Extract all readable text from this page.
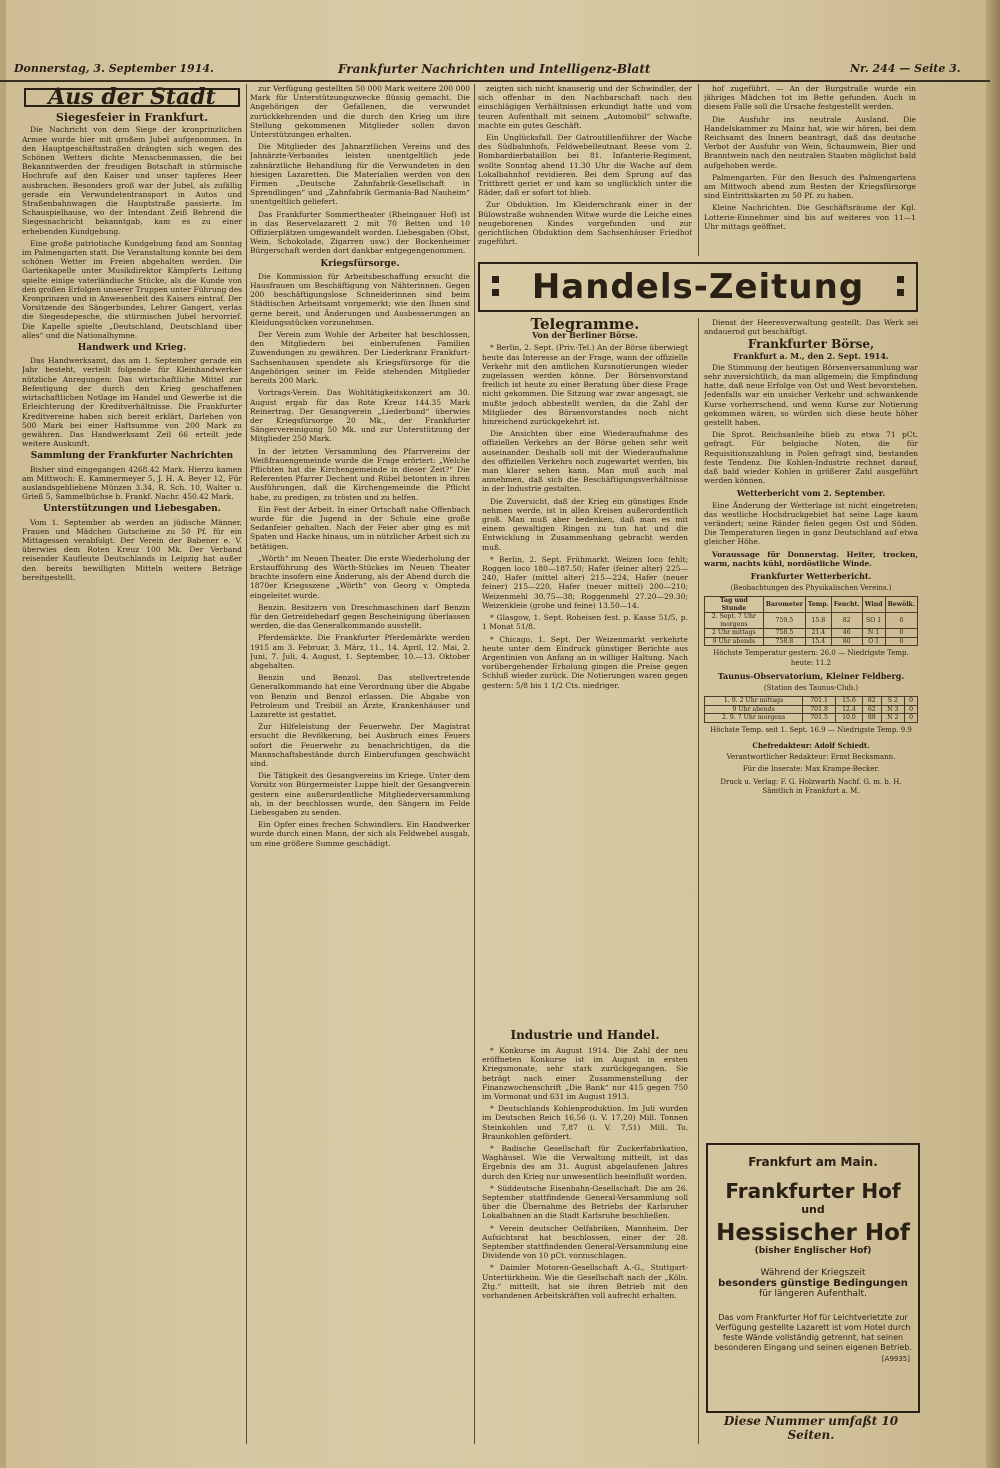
Donnerstag, 3. September 1914.	Frankfurter Nachrichten und Intelligenz-Blatt	Nr. 244 — Seite 3.
Aus der Stadt
Siegesfeier in Frankfurt.

Die Nachricht von dem Siege der kronprinzlichen Armee wurde hier mit großem Jubel aufgenommen. In den Hauptgeschäftsstraßen drängten sich wegen des Schönen Wetters dichte Menschenmassen, die bei Bekanntwerden der freudigen Botschaft in stürmische Hochrufe auf den Kaiser und unser tapferes Heer ausbrachen. Besonders groß war der Jubel, als zufällig gerade ein Verwundetentransport in Autos und Straßenbahnwagen die Hauptstraße passierte. Im Schauspielhause, wo der Intendant Zeiß Behrend die Siegesnachricht bekanntgab, kam es zu einer erhebenden Kundgebung.

Eine große patriotische Kundgebung fand am Sonntag im Palmengarten statt. Die Veranstaltung konnte bei dem schönen Wetter im Freien abgehalten werden. Die Gartenkapelle unter Musikdirektor Kämpferts Leitung spielte einige vaterländische Stücke, als die Kunde von den großen Erfolgen unserer Truppen unter Führung des Kronprinzen und in Anwesenheit des Kaisers eintraf. Der Vorsitzende des Sängerbundes, Lehrer Gangert, verlas die Siegesdepesche, die stürmischen Jubel hervorrief. Die Kapelle spielte „Deutschland, Deutschland über alles“ und die Nationalhymne.

Handwerk und Krieg.

Das Handwerksamt, das am 1. September gerade ein Jahr besteht, verteilt folgende für Kleinhandwerker nützliche Anregungen: Das wirtschaftliche Mittel zur Befestigung der durch den Krieg geschaffenen wirtschaftlichen Notlage im Handel und Gewerbe ist die Erleichterung der Kreditverhältnisse. Die Frankfurter Kreditvereine haben sich bereit erklärt, Darlehen von 500 Mark bei einer Haftsumme von 200 Mark zu gewähren. Das Handwerksamt Zeil 66 erteilt jede weitere Auskunft.

Sammlung der Frankfurter Nachrichten

Bisher sind eingegangen 4268.42 Mark. Hierzu kamen am Mittwoch: E. Kammermeyer 5, J. H. A. Beyer 12, Für auslandsgebliebene Münzen 3.34, R. Sch. 10, Walter u. Grieß 5, Sammelbüchse b. Frankf. Nachr. 450.42 Mark.

Unterstützungen und Liebesgaben.

Vom 1. September ab werden an jüdische Männer, Frauen und Mädchen Gutscheine zu 50 Pf. für ein Mittagessen verabfolgt. Der Verein der Babener e. V. überwies dem Roten Kreuz 100 Mk. Der Verband reisender Kaufleute Deutschlands in Leipzig hat außer den bereits bewilligten Mitteln weitere Beträge bereitgestellt.

zur Verfügung gestellten 50 000 Mark weitere 200 000 Mark für Unterstützungszwecke flüssig gemacht. Die Angehörigen der Gefallenen, die verwundet zurückkehrenden und die durch den Krieg um ihre Stellung gekommenen Mitglieder sollen davon Unterstützungen erhalten.

Die Mitglieder des Jahnarztlichen Vereins und des Jahnärzte-Verbandes leisten unentgeltlich jede zahnärztliche Behandlung für die Verwundeten in den hiesigen Lazaretten. Die Materialien werden von den Firmen „Deutsche Zahnfabrik-Gesellschaft in Sprendlingen“ und „Zahnfabrik Germania-Bad Nauheim“ unentgeltlich geliefert.

Das Frankfurter Sommertheater (Rheingauer Hof) ist in das Reservelazarett 2 mit 70 Betten und 10 Offizierplätzen umgewandelt worden. Liebesgaben (Obst, Wein, Schokolade, Zigarren usw.) der Bockenheimer Bürgerschaft werden dort dankbar entgegengenommen.

Kriegsfürsorge.

Die Kommission für Arbeitsbeschaffung ersucht die Hausfrauen um Beschäftigung von Nähterinnen. Gegen 200 beschäftigungslose Schneiderinnen sind beim Städtischen Arbeitsamt vorgemerkt; wie den Ihnen sind gerne bereit, und Änderungen und Ausbesserungen an Kleidungsstücken vorzunehmen.

Der Verein zum Wohle der Arbeiter hat beschlossen, den Mitgliedern bei einberufenen Familien Zuwendungen zu gewähren. Der Liederkranz Frankfurt-Sachsenhausen spendete als Kriegsfürsorge für die Angehörigen seiner im Felde stehenden Mitglieder bereits 200 Mark.

Vortrags-Verein. Das Wohltätigkeitskonzert am 30. August ergab für das Rote Kreuz 144.35 Mark Reinertrag. Der Gesangverein „Liederbund“ überwies der Kriegsfürsorge 20 Mk., der Frankfurter Sängervereinigung 50 Mk. und zur Unterstützung der Mitglieder 250 Mark.

In der letzten Versammlung des Pfarrvereins der Weißfrauengemeinde wurde die Frage erörtert: „Welche Pflichten hat die Kirchengemeinde in dieser Zeit?“ Die Referenten Pfarrer Dechent und Rübel betonten in ihren Ausführungen, daß die Kirchengemeinde die Pflicht habe, zu predigen, zu trösten und zu helfen.

Ein Fest der Arbeit. In einer Ortschaft nahe Offenbach wurde für die Jugend in der Schule eine große Sedanfeier gehalten. Nach der Feier aber ging es mit Spaten und Hacke hinaus, um in nützlicher Arbeit sich zu betätigen.

„Wörth“ im Neuen Theater. Die erste Wiederholung der Erstaufführung des Wörth-Stückes im Neuen Theater brachte insofern eine Änderung, als der Abend durch die 1870er Kriegsszene „Wörth“ von Georg v. Ompteda eingeleitet wurde.

Benzin. Besitzern von Dreschmaschinen darf Benzin für den Getreidebedarf gegen Bescheinigung überlassen werden, die das Generalkommando ausstellt.

Pferdemärkte. Die Frankfurter Pferdemärkte werden 1915 am 3. Februar, 3. März, 11., 14. April, 12. Mai, 2. Juni, 7. Juli, 4. August, 1. September, 10.—13. Oktober abgehalten.

Benzin und Benzol. Das stellvertretende Generalkommando hat eine Verordnung über die Abgabe von Benzin und Benzol erlassen. Die Abgabe von Petroleum und Treiböl an Ärzte, Krankenhäuser und Lazarette ist gestattet.

Zur Hilfeleistung der Feuerwehr. Der Magistrat ersucht die Bevölkerung, bei Ausbruch eines Feuers sofort die Feuerwehr zu benachrichtigen, da die Mannschaftsbestände durch Einberufungen geschwächt sind.

Die Tätigkeit des Gesangvereins im Kriege. Unter dem Vorsitz von Bürgermeister Luppe hielt der Gesangverein gestern eine außerordentliche Mitgliederversammlung ab, in der beschlossen wurde, den Sängern im Felde Liebesgaben zu senden.

Ein Opfer eines frechen Schwindlers. Ein Handwerker wurde durch einen Mann, der sich als Feldwebel ausgab, um eine größere Summe geschädigt.

zeigten sich nicht knauserig und der Schwindler, der sich offenbar in den Nachbarschaft nach den einschlägigen Verhältnissen erkundigt hatte und vom teuren Aufenthalt mit seinem „Automobil“ schwafte, machte ein gutes Geschäft.

Ein Unglücksfall. Der Gatroutillenführer der Wache des Südbahnhofs, Feldwebelleutnant Reese vom 2. Bombardierbataillon bei 81. Infanterie-Regiment, wollte Sonntag abend 11.30 Uhr die Wache auf dem Lokalbahnhof revidieren. Bei dem Sprung auf das Trittbrett geriet er und kam so unglücklich unter die Räder, daß er sofort tot blieb.

Zur Obduktion. Im Kleiderschrank einer in der Bülowstraße wohnenden Witwe wurde die Leiche eines neugeborenen Kindes vorgefunden und zur gerichtlichen Obduktion dem Sachsenhäuser Friedhof zugeführt.

hof zugeführt. — An der Burgstraße wurde ein jähriges Mädchen tot im Bette gefunden. Auch in diesem Falle soll die Ursache festgestellt werden.

Die Ausfuhr ins neutrale Ausland. Die Handelskammer zu Mainz hat, wie wir hören, bei dem Reichsamt des Innern beantragt, daß das deutsche Verbot der Ausfuhr von Wein, Schaumwein, Bier und Branntwein nach den neutralen Staaten möglichst bald aufgehoben werde.

Palmengarten. Für den Besuch des Palmengartens am Mittwoch abend zum Besten der Kriegsfürsorge sind Eintrittskarten zu 50 Pf. zu haben.

Kleine Nachrichten. Die Geschäftsräume der Kgl. Lotterie-Einnehmer sind bis auf weiteres von 11—1 Uhr mittags geöffnet.

Handels-Zeitung
Telegramme.
Von der Berliner Börse.

* Berlin, 2. Sept. (Priv.-Tel.) An der Börse überwiegt heute das Interesse an der Frage, wann der offizielle Verkehr mit den amtlichen Kursnotierungen wieder zugelassen werden könne. Der Börsenvorstand freilich ist heute zu einer Beratung über diese Frage nicht gekommen. Die Sitzung war zwar angesagt, sie mußte jedoch abbestellt werden, da die Zahl der Mitglieder des Börsenvorstandes noch nicht hinreichend zurückgekehrt ist.

Die Ansichten über eine Wiederaufnahme des offiziellen Verkehrs an der Börse gehen sehr weit auseinander. Deshalb soll mit der Wiederaufnahme des offiziellen Verkehrs noch zugewartet werden, bis man klarer sehen kann. Man muß auch mal annehmen, daß sich die Beschäftigungsverhältnisse in der Industrie gestalten.

Die Zuversicht, daß der Krieg ein günstiges Ende nehmen werde, ist in allen Kreisen außerordentlich groß. Man muß aber bedenken, daß man es mit einem gewaltigen Ringen zu tun hat und die Entwicklung in Zusammenhang gebracht werden muß.

* Berlin, 2. Sept. Frühmarkt. Weizen loco fehlt; Roggen loco 180—187.50; Hafer (feiner alter) 225—240, Hafer (mittel alter) 215—224, Hafer (neuer feiner) 215—220, Hafer (neuer mittel) 200—210; Weizenmehl 30.75—38; Roggenmehl 27.20—29.30; Weizenkleie (grobe und feine) 13.50—14.

* Glasgow, 1. Sept. Roheisen fest. p. Kasse 51/5, p. 1 Monat 51/8.

* Chicago, 1. Sept. Der Weizenmarkt verkehrte heute unter dem Eindruck günstiger Berichte aus Argentinien von Anfang an in williger Haltung. Nach vorübergehender Erholung gingen die Preise gegen Schluß wieder zurück. Die Notierungen waren gegen gestern: 5/8 bis 1 1/2 Cts. niedriger.

Industrie und Handel.

* Konkurse im August 1914. Die Zahl der neu eröffneten Konkurse ist im August in ersten Kriegsmonate, sehr stark zurückgegangen. Sie beträgt nach einer Zusammenstellung der Finanzwochenschrift „Die Bank“ nur 415 gegen 750 im Vormonat und 631 im August 1913.

* Deutschlands Kohlenproduktion. Im Juli wurden im Deutschen Reich 16,56 (i. V. 17,20) Mill. Tonnen Steinkohlen und 7,87 (i. V. 7,51) Mill. To. Braunkohlen gefördert.

* Badische Gesellschaft für Zuckerfabrikation, Waghäusel. Wie die Verwaltung mitteilt, ist das Ergebnis des am 31. August abgelaufenen Jahres durch den Krieg nur unwesentlich beeinflußt worden.

* Süddeutsche Eisenbahn-Gesellschaft. Die am 26. September stattfindende General-Versammlung soll über die Übernahme des Betriebs der Karlsruher Lokalbahnen an die Stadt Karlsruhe beschließen.

* Verein deutscher Oelfabriken, Mannheim. Der Aufsichtsrat hat beschlossen, einer der 28. September stattfindenden General-Versammlung eine Dividende von 10 pCt. vorzuschlagen.

* Daimler Motoren-Gesellschaft A.-G., Stuttgart-Untertürkheim. Wie die Gesellschaft nach der „Köln. Ztg.“ mitteilt, hat sie ihren Betrieb mit den vorhandenen Arbeitskräften voll aufrecht erhalten.

Dienst der Heeresverwaltung gestellt. Das Werk sei andauernd gut beschäftigt.

Frankfurter Börse,
Frankfurt a. M., den 2. Sept. 1914.

Die Stimmung der heutigen Börsenversammlung war sehr zuversichtlich, da man allgemein; die Empfindung hatte, daß neue Erfolge von Ost und West bevorstehen. Jedenfalls war ein unsicher Verkehr und schwankende Kurse vorherrschend, und wenn Kurse zur Notierung gekommen wären, so würden sich diese heute höher gestellt haben.

Die Sprot. Reichsanleihe blieb zu etwa 71 pCt. gefragt. Für belgische Noten, die für Requisitionszahlung in Polen gefragt sind, bestanden feste Tendenz. Die Kohlen-Industrie rechnet darauf, daß bald wieder Kohlen in größerer Zahl ausgeführt werden können.

Wetterbericht vom 2. September.

Eine Änderung der Wetterlage ist nicht eingetreten; das westliche Hochdruckgebiet hat seine Lage kaum verändert; seine Ränder fielen gegen Ost und Süden. Die Temperaturen liegen in ganz Deutschland auf etwa gleicher Höhe.

Voraussage für Donnerstag. Heiter, trocken, warm, nachts kühl, nordöstliche Winde.

Frankfurter Wetterbericht.
(Beobachtungen des Physikalischen Vereins.)
Tag und Stunde	Barometer	Temp.	Feucht.	Wind	Bewölk.
2. Sept. 7 Uhr morgens	759.5	15.8	82	SO 1	0
2 Uhr mittags	758.5	21.4	46	N 1	0
9 Uhr abends	758.8	15.4	80	O 1	0
Höchste Temperatur gestern: 26.0 — Niedrigste Temp. heute: 11.2
Taunus-Observatorium, Kleiner Feldberg.
(Station des Taunus-Club.)
1. 9. 2 Uhr mittags	701.1	15.6	82	S 2	0
9 Uhr abends	701.8	12.4	62	N 3	0
2. 9. 7 Uhr morgens	701.5	10.0	88	N 2	0
Höchste Temp. seit 1. Sept. 16.9 — Niedrigste Temp. 9.9
Chefredakteur: Adolf Schiedt.
Verantwortlicher Redakteur: Ernst Becksmann.
Für die Inserate: Max Krampe-Becker.
Druck u. Verlag: F. G. Holzwarth Nachf. G. m. b. H. Sämtlich in Frankfurt a. M.
Frankfurt am Main.
Frankfurter Hof
und
Hessischer Hof
(bisher Englischer Hof)
Während der Kriegszeit
besonders günstige Bedingungen
für längeren Aufenthalt.
Das vom Frankfurter Hof für Leichtverletzte zur Verfügung gestellte Lazarett ist vom Hotel durch feste Wände vollständig getrennt, hat seinen besonderen Eingang und seinen eigenen Betrieb.
[A9935]
Diese Nummer umfaßt 10 Seiten.
